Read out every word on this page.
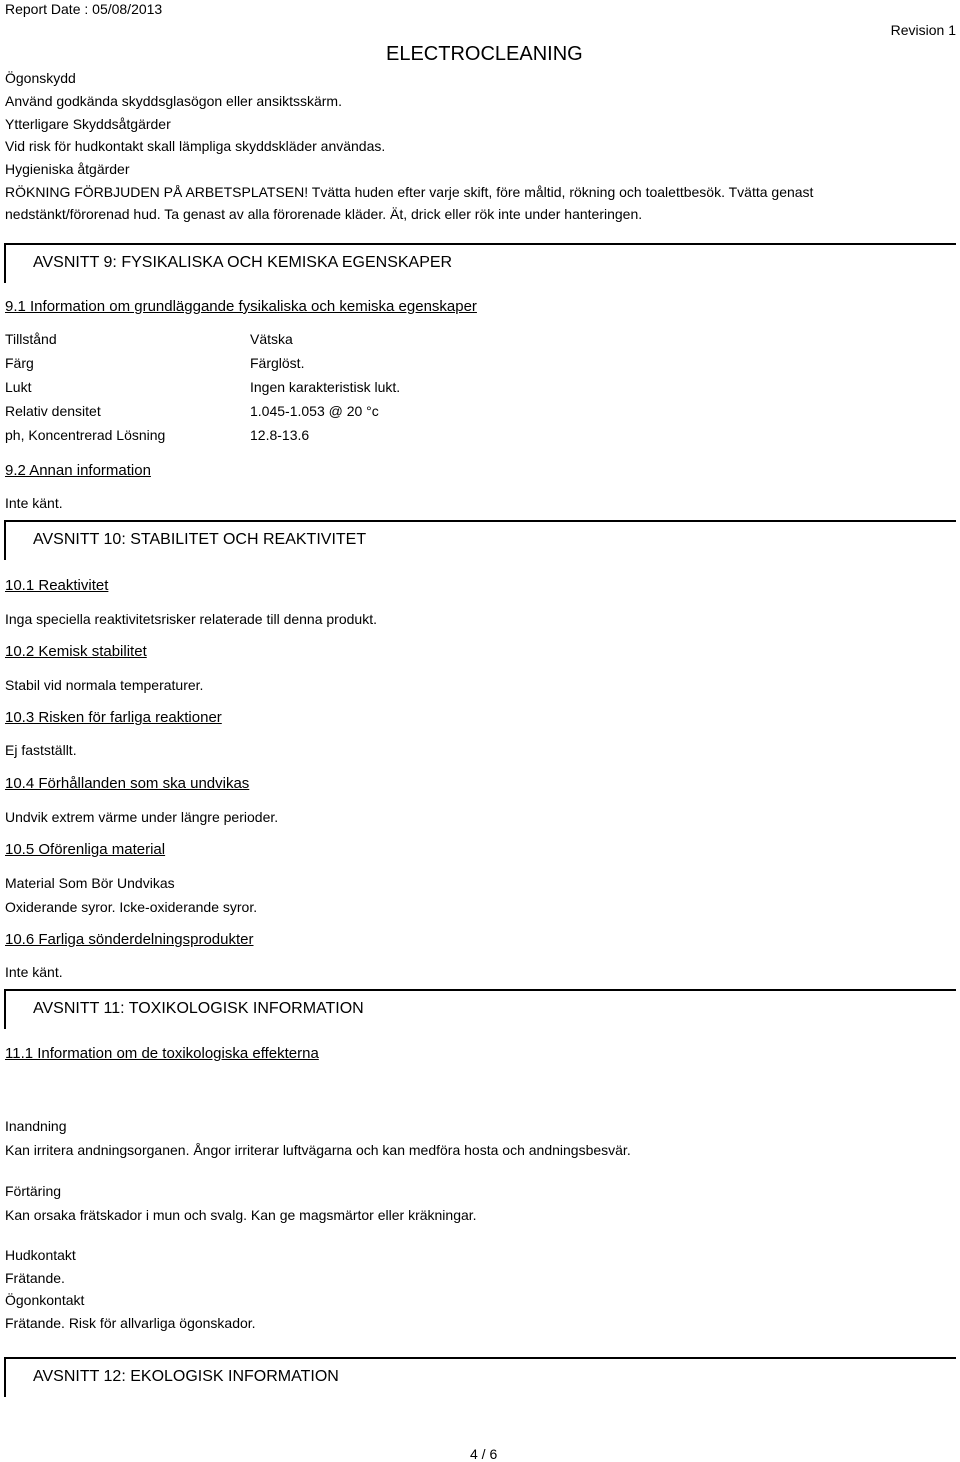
Report Date : 05/08/2013
Revision 1
ELECTROCLEANING
Ögonskydd
Använd godkända skyddsglasögon eller ansiktsskärm.
Ytterligare Skyddsåtgärder
Vid risk för hudkontakt skall lämpliga skyddskläder användas.
Hygieniska åtgärder
RÖKNING FÖRBJUDEN PÅ ARBETSPLATSEN! Tvätta huden efter varje skift, före måltid, rökning och toalettbesök. Tvätta genast
nedstänkt/förorenad hud. Ta genast av alla förorenade kläder. Ät, drick eller rök inte under hanteringen.
AVSNITT 9: FYSIKALISKA OCH KEMISKA EGENSKAPER
9.1 Information om grundläggande fysikaliska och kemiska egenskaper
Tillstånd	Vätska
Färg	Färglöst.
Lukt	Ingen karakteristisk lukt.
Relativ densitet	1.045-1.053 @ 20 °c
ph, Koncentrerad Lösning	12.8-13.6
9.2 Annan information
Inte känt.
AVSNITT 10: STABILITET OCH REAKTIVITET
10.1 Reaktivitet
Inga speciella reaktivitetsrisker relaterade till denna produkt.
10.2 Kemisk stabilitet
Stabil vid normala temperaturer.
10.3 Risken för farliga reaktioner
Ej fastställt.
10.4 Förhållanden som ska undvikas
Undvik extrem värme under längre perioder.
10.5 Oförenliga material
Material Som Bör Undvikas
Oxiderande syror. Icke-oxiderande syror.
10.6 Farliga sönderdelningsprodukter
Inte känt.
AVSNITT 11: TOXIKOLOGISK INFORMATION
11.1 Information om de toxikologiska effekterna
Inandning
Kan irritera andningsorganen. Ångor irriterar luftvägarna och kan medföra hosta och andningsbesvär.
Förtäring
Kan orsaka frätskador i mun och svalg. Kan ge magsmärtor eller kräkningar.
Hudkontakt
Frätande.
Ögonkontakt
Frätande. Risk för allvarliga ögonskador.
AVSNITT 12: EKOLOGISK INFORMATION
4 / 6
